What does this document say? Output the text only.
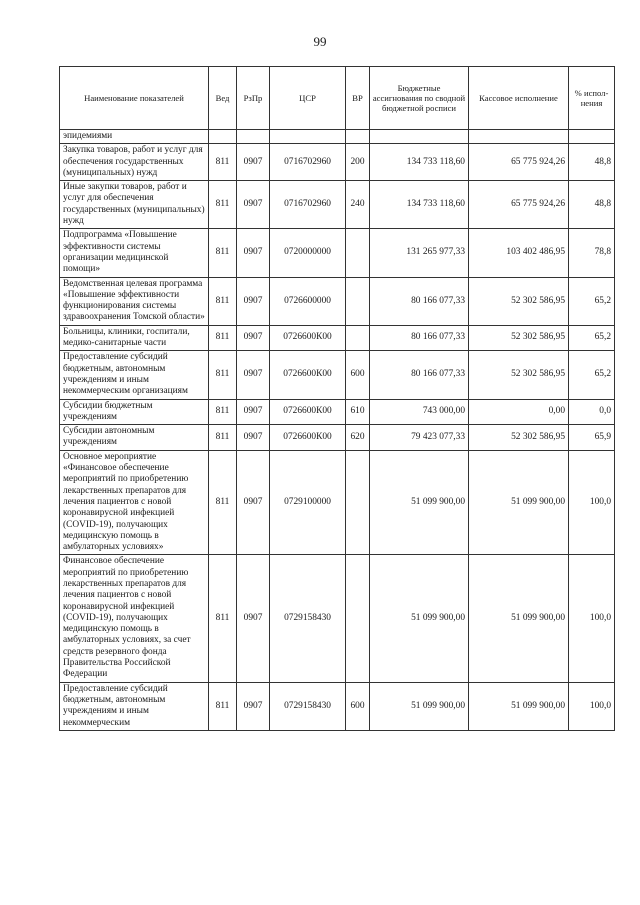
99
Наименование показателей	Вед	РзПр	ЦСР	ВР	Бюджетные ассигнования по сводной бюджетной росписи	Кассовое исполнение	% испол-нения
эпидемиями							
Закупка товаров, работ и услуг для обеспечения государственных (муниципальных) нужд	811	0907	0716702960	200	134 733 118,60	65 775 924,26	48,8
Иные закупки товаров, работ и услуг для обеспечения государственных (муниципальных) нужд	811	0907	0716702960	240	134 733 118,60	65 775 924,26	48,8
Подпрограмма «Повышение эффективности системы организации медицинской помощи»	811	0907	0720000000		131 265 977,33	103 402 486,95	78,8
Ведомственная целевая программа «Повышение эффективности функционирования системы здравоохранения Томской области»	811	0907	0726600000		80 166 077,33	52 302 586,95	65,2
Больницы, клиники, госпитали, медико-санитарные части	811	0907	0726600К00		80 166 077,33	52 302 586,95	65,2
Предоставление субсидий бюджетным, автономным учреждениям и иным некоммерческим организациям	811	0907	0726600К00	600	80 166 077,33	52 302 586,95	65,2
Субсидии бюджетным учреждениям	811	0907	0726600К00	610	743 000,00	0,00	0,0
Субсидии автономным учреждениям	811	0907	0726600К00	620	79 423 077,33	52 302 586,95	65,9
Основное мероприятие «Финансовое обеспечение мероприятий по приобретению лекарственных препаратов для лечения пациентов с новой коронавирусной инфекцией (COVID-19), получающих медицинскую помощь в амбулаторных условиях»	811	0907	0729100000		51 099 900,00	51 099 900,00	100,0
Финансовое обеспечение мероприятий по приобретению лекарственных препаратов для лечения пациентов с новой коронавирусной инфекцией (COVID-19), получающих медицинскую помощь в амбулаторных условиях, за счет средств резервного фонда Правительства Российской Федерации	811	0907	0729158430		51 099 900,00	51 099 900,00	100,0
Предоставление субсидий бюджетным, автономным учреждениям и иным некоммерческим	811	0907	0729158430	600	51 099 900,00	51 099 900,00	100,0
